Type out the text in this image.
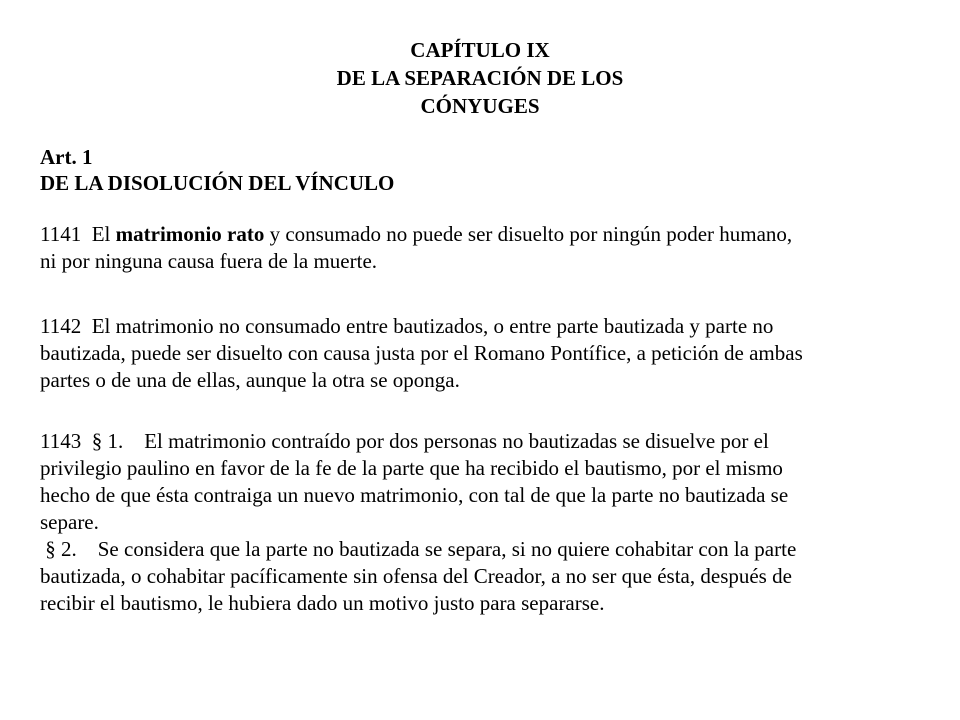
CAPÍTULO IX
DE LA SEPARACIÓN DE LOS
CÓNYUGES
Art. 1
DE LA DISOLUCIÓN DEL VÍNCULO
1141  El matrimonio rato y consumado no puede ser disuelto por ningún poder humano,
ni por ninguna causa fuera de la muerte.
1142  El matrimonio no consumado entre bautizados, o entre parte bautizada y parte no
bautizada, puede ser disuelto con causa justa por el Romano Pontífice, a petición de ambas
partes o de una de ellas, aunque la otra se oponga.
1143  § 1.    El matrimonio contraído por dos personas no bautizadas se disuelve por el
privilegio paulino en favor de la fe de la parte que ha recibido el bautismo, por el mismo
hecho de que ésta contraiga un nuevo matrimonio, con tal de que la parte no bautizada se
separe.
§ 2.    Se considera que la parte no bautizada se separa, si no quiere cohabitar con la parte
bautizada, o cohabitar pacíficamente sin ofensa del Creador, a no ser que ésta, después de
recibir el bautismo, le hubiera dado un motivo justo para separarse.
